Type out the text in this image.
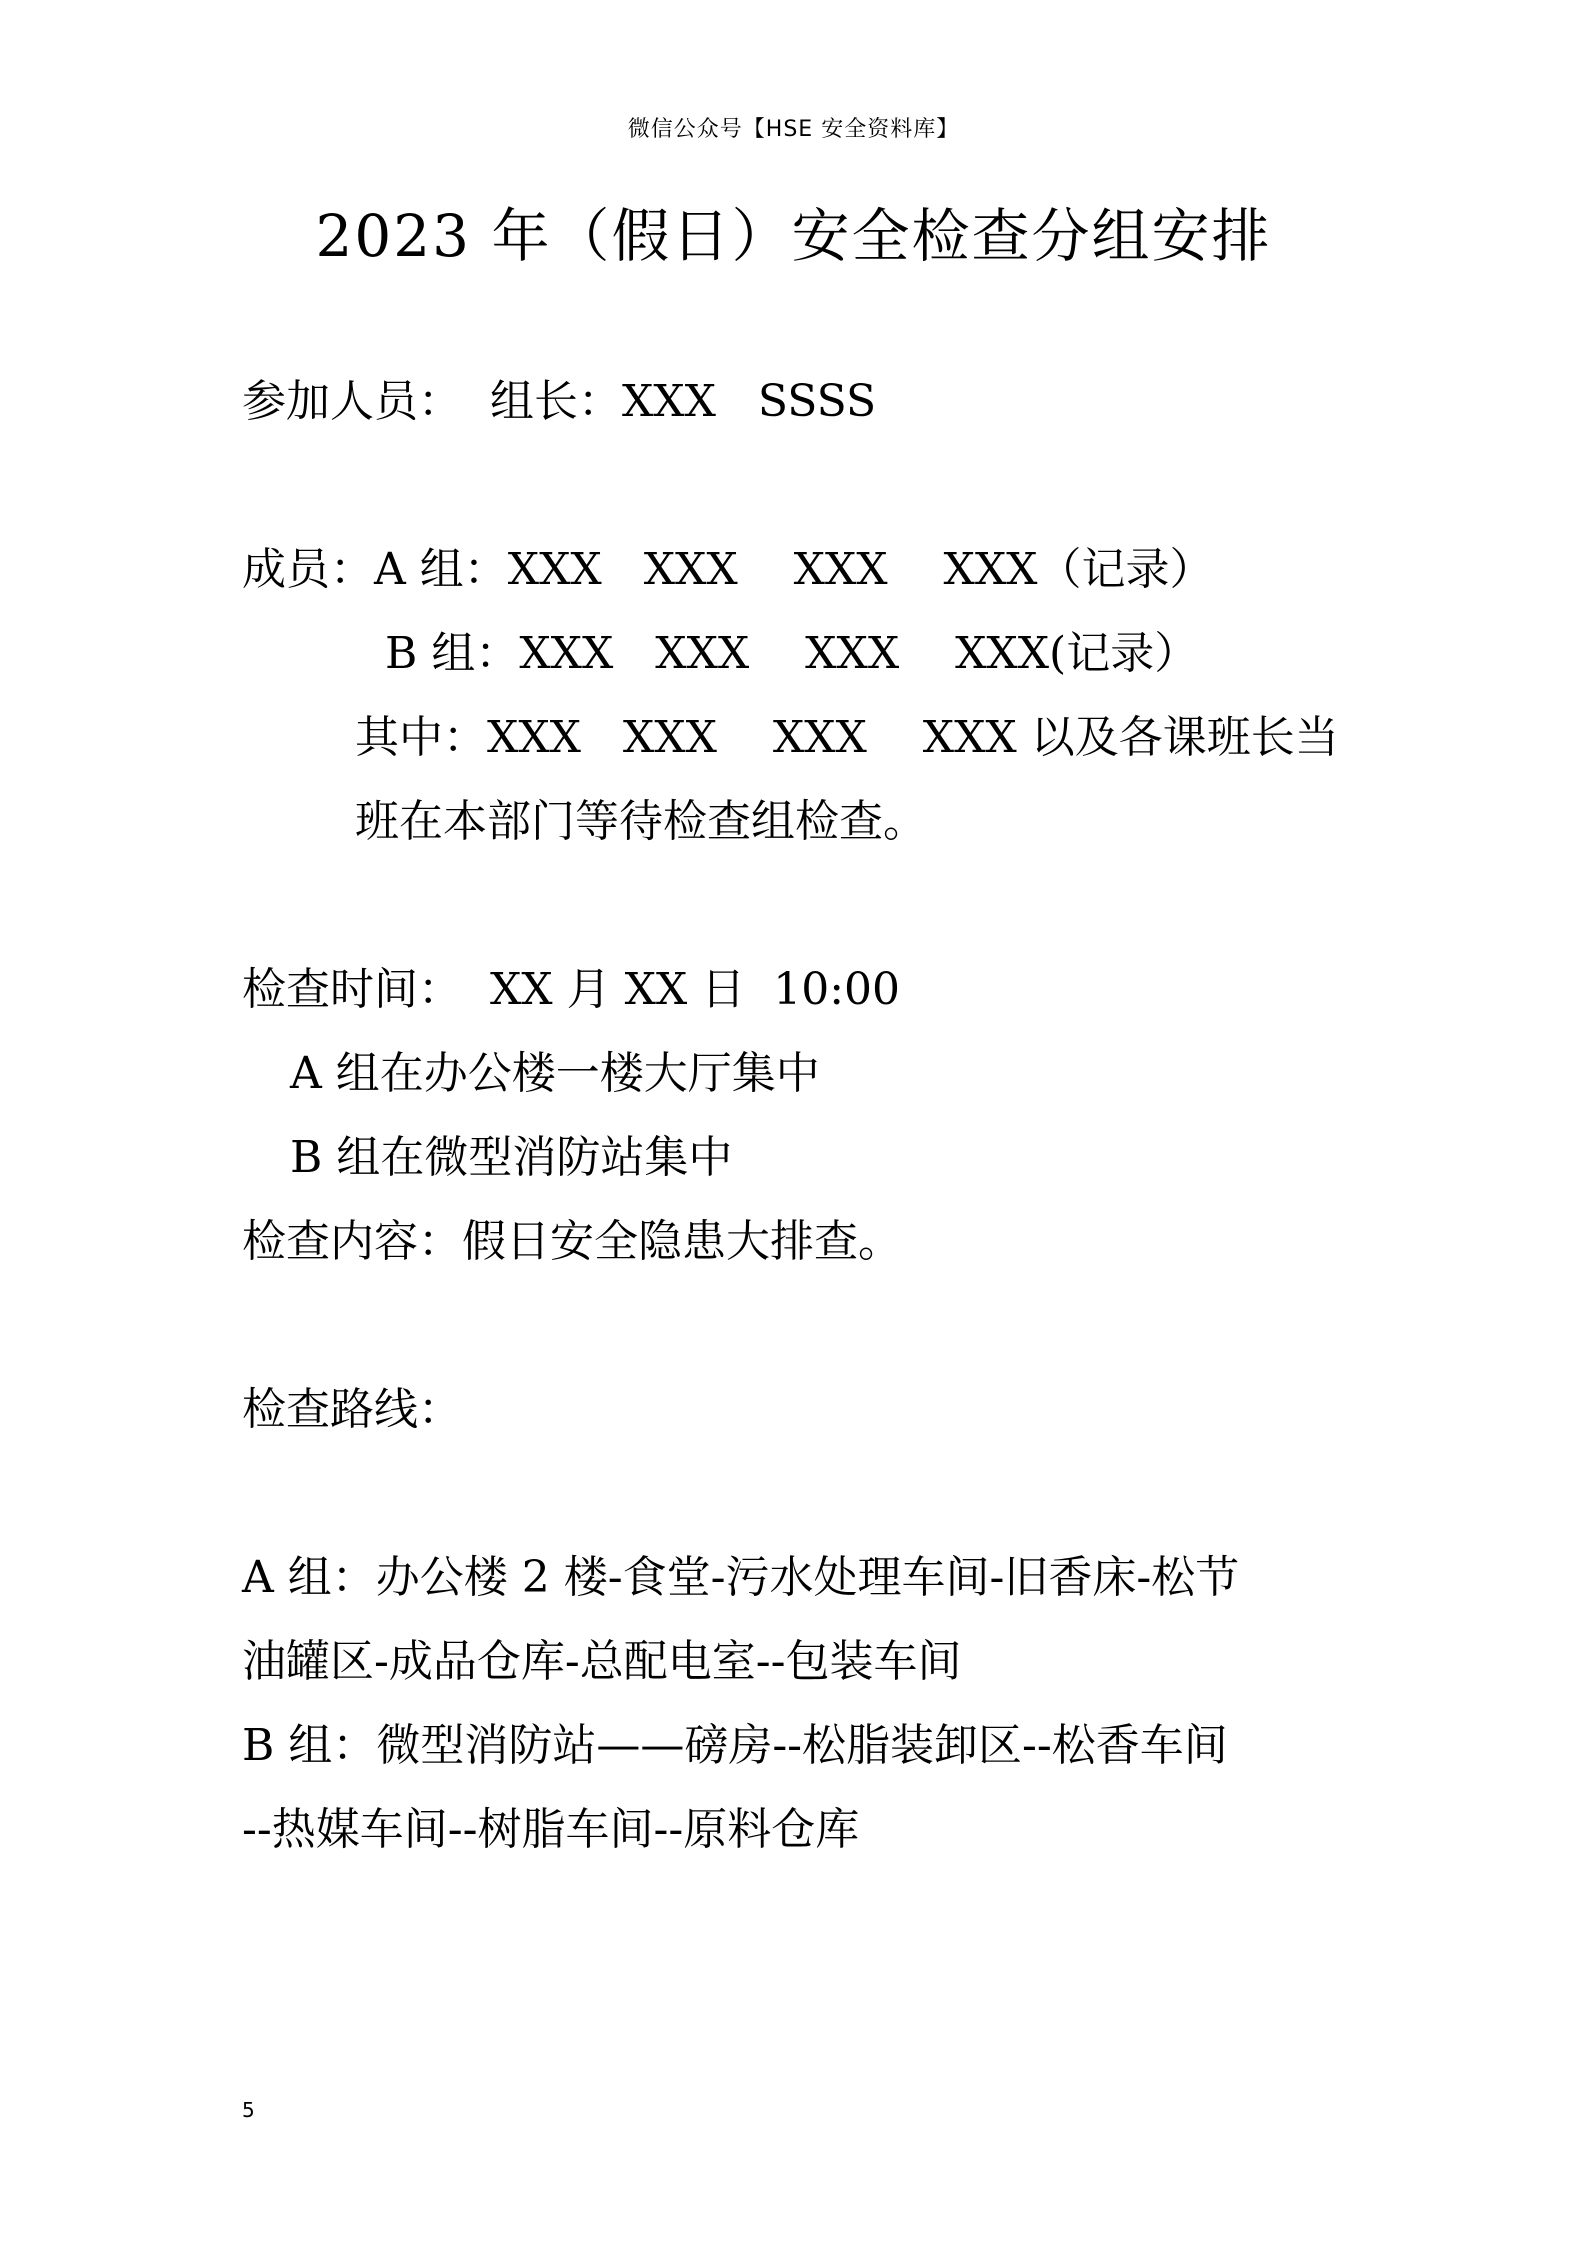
微信公众号【HSE 安全资料库】
2023 年（假日）安全检查分组安排
参加人员：  组长：XXX   SSSS
成员：A 组：XXX   XXX    XXX    XXX（记录）
B 组：XXX   XXX    XXX    XXX(记录）
其中：XXX   XXX    XXX    XXX 以及各课班长当
班在本部门等待检查组检查。
检查时间：  XX 月 XX 日  10:00
A 组在办公楼一楼大厅集中
B 组在微型消防站集中
检查内容：假日安全隐患大排查。
检查路线：
A 组：办公楼 2 楼-食堂-污水处理车间-旧香床-松节
油罐区-成品仓库-总配电室--包装车间
B 组：微型消防站——磅房--松脂装卸区--松香车间
--热媒车间--树脂车间--原料仓库
5
